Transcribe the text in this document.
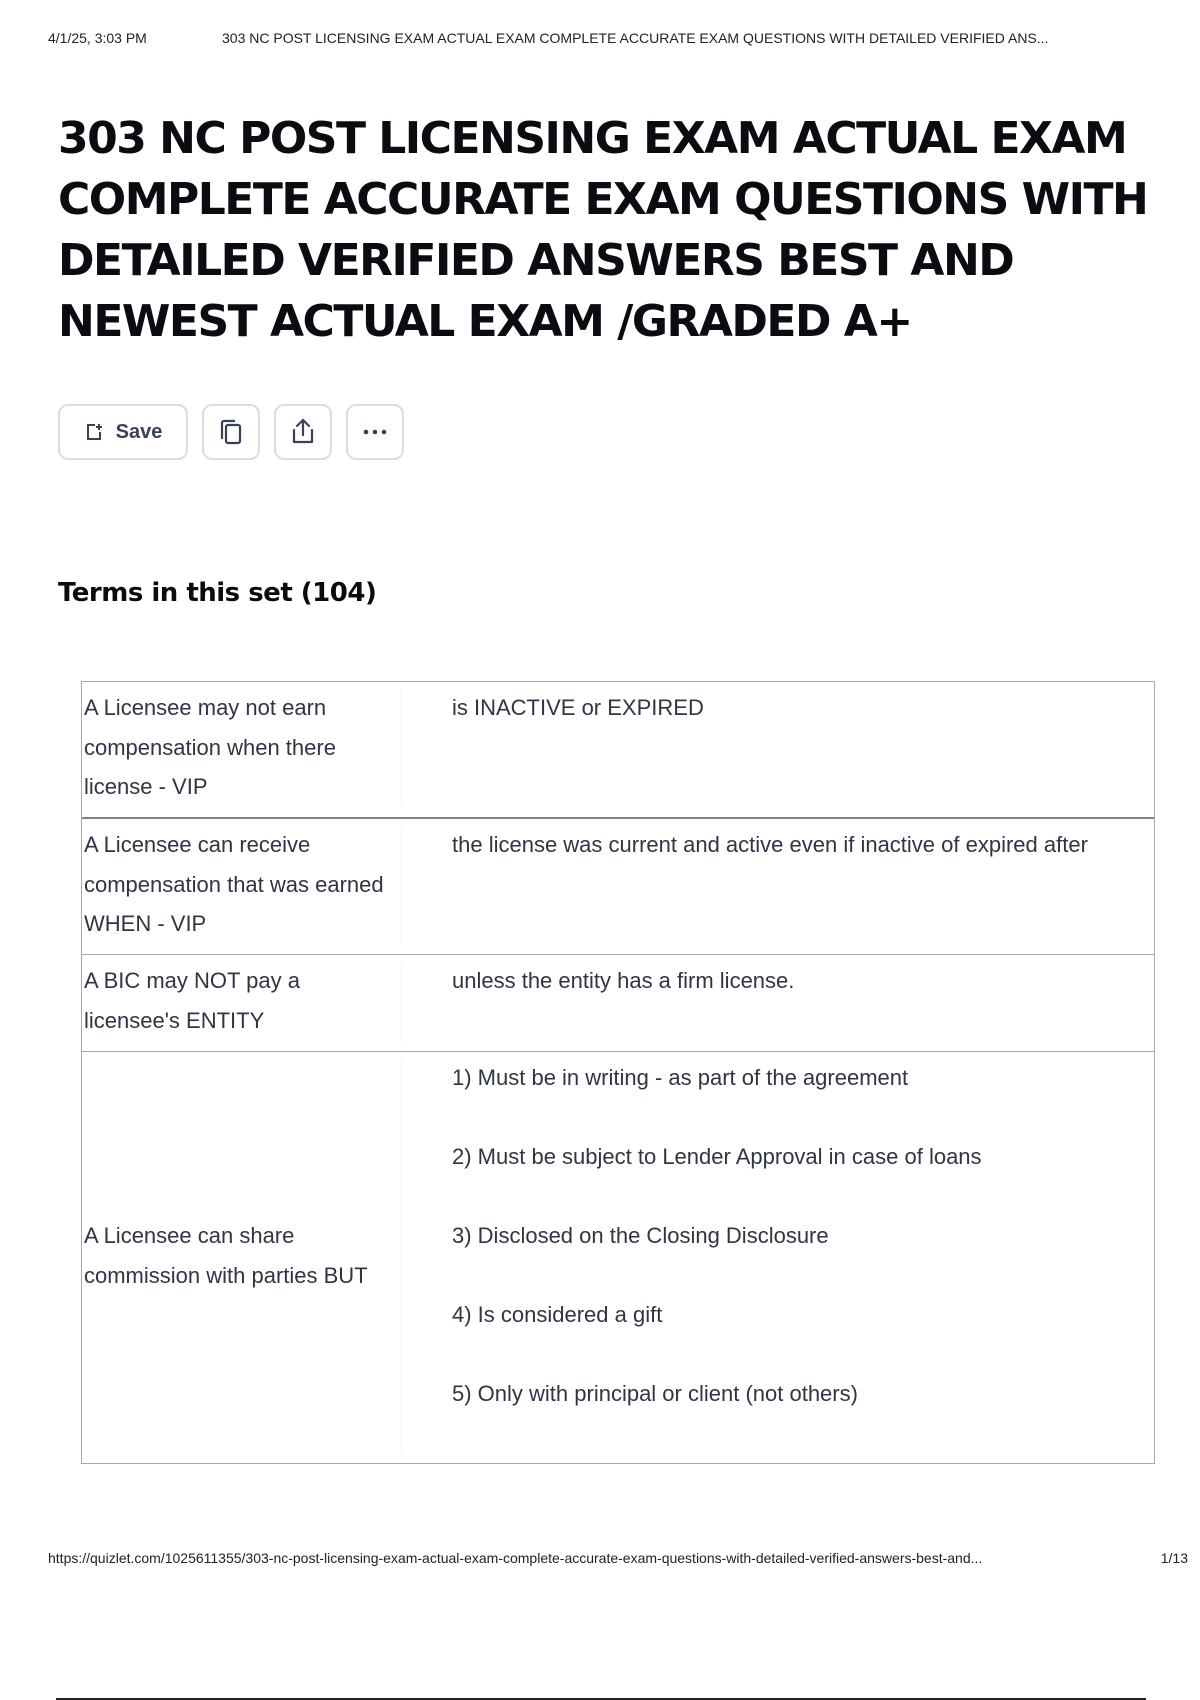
4/1/25, 3:03 PM	303 NC POST LICENSING EXAM ACTUAL EXAM COMPLETE ACCURATE EXAM QUESTIONS WITH DETAILED VERIFIED ANS...
303 NC POST LICENSING EXAM ACTUAL EXAM COMPLETE ACCURATE EXAM QUESTIONS WITH DETAILED VERIFIED ANSWERS BEST AND NEWEST ACTUAL EXAM /GRADED A+
Save
Terms in this set (104)
A Licensee may not earn compensation when there license - VIP

is INACTIVE or EXPIRED

A Licensee can receive compensation that was earned WHEN - VIP

the license was current and active even if inactive of expired after

A BIC may NOT pay a licensee's ENTITY

unless the entity has a firm license.

A Licensee can share commission with parties BUT

1) Must be in writing - as part of the agreement

2) Must be subject to Lender Approval in case of loans

3) Disclosed on the Closing Disclosure

4) Is considered a gift

5) Only with principal or client (not others)

https://quizlet.com/1025611355/303-nc-post-licensing-exam-actual-exam-complete-accurate-exam-questions-with-detailed-verified-answers-best-and...	1/13
